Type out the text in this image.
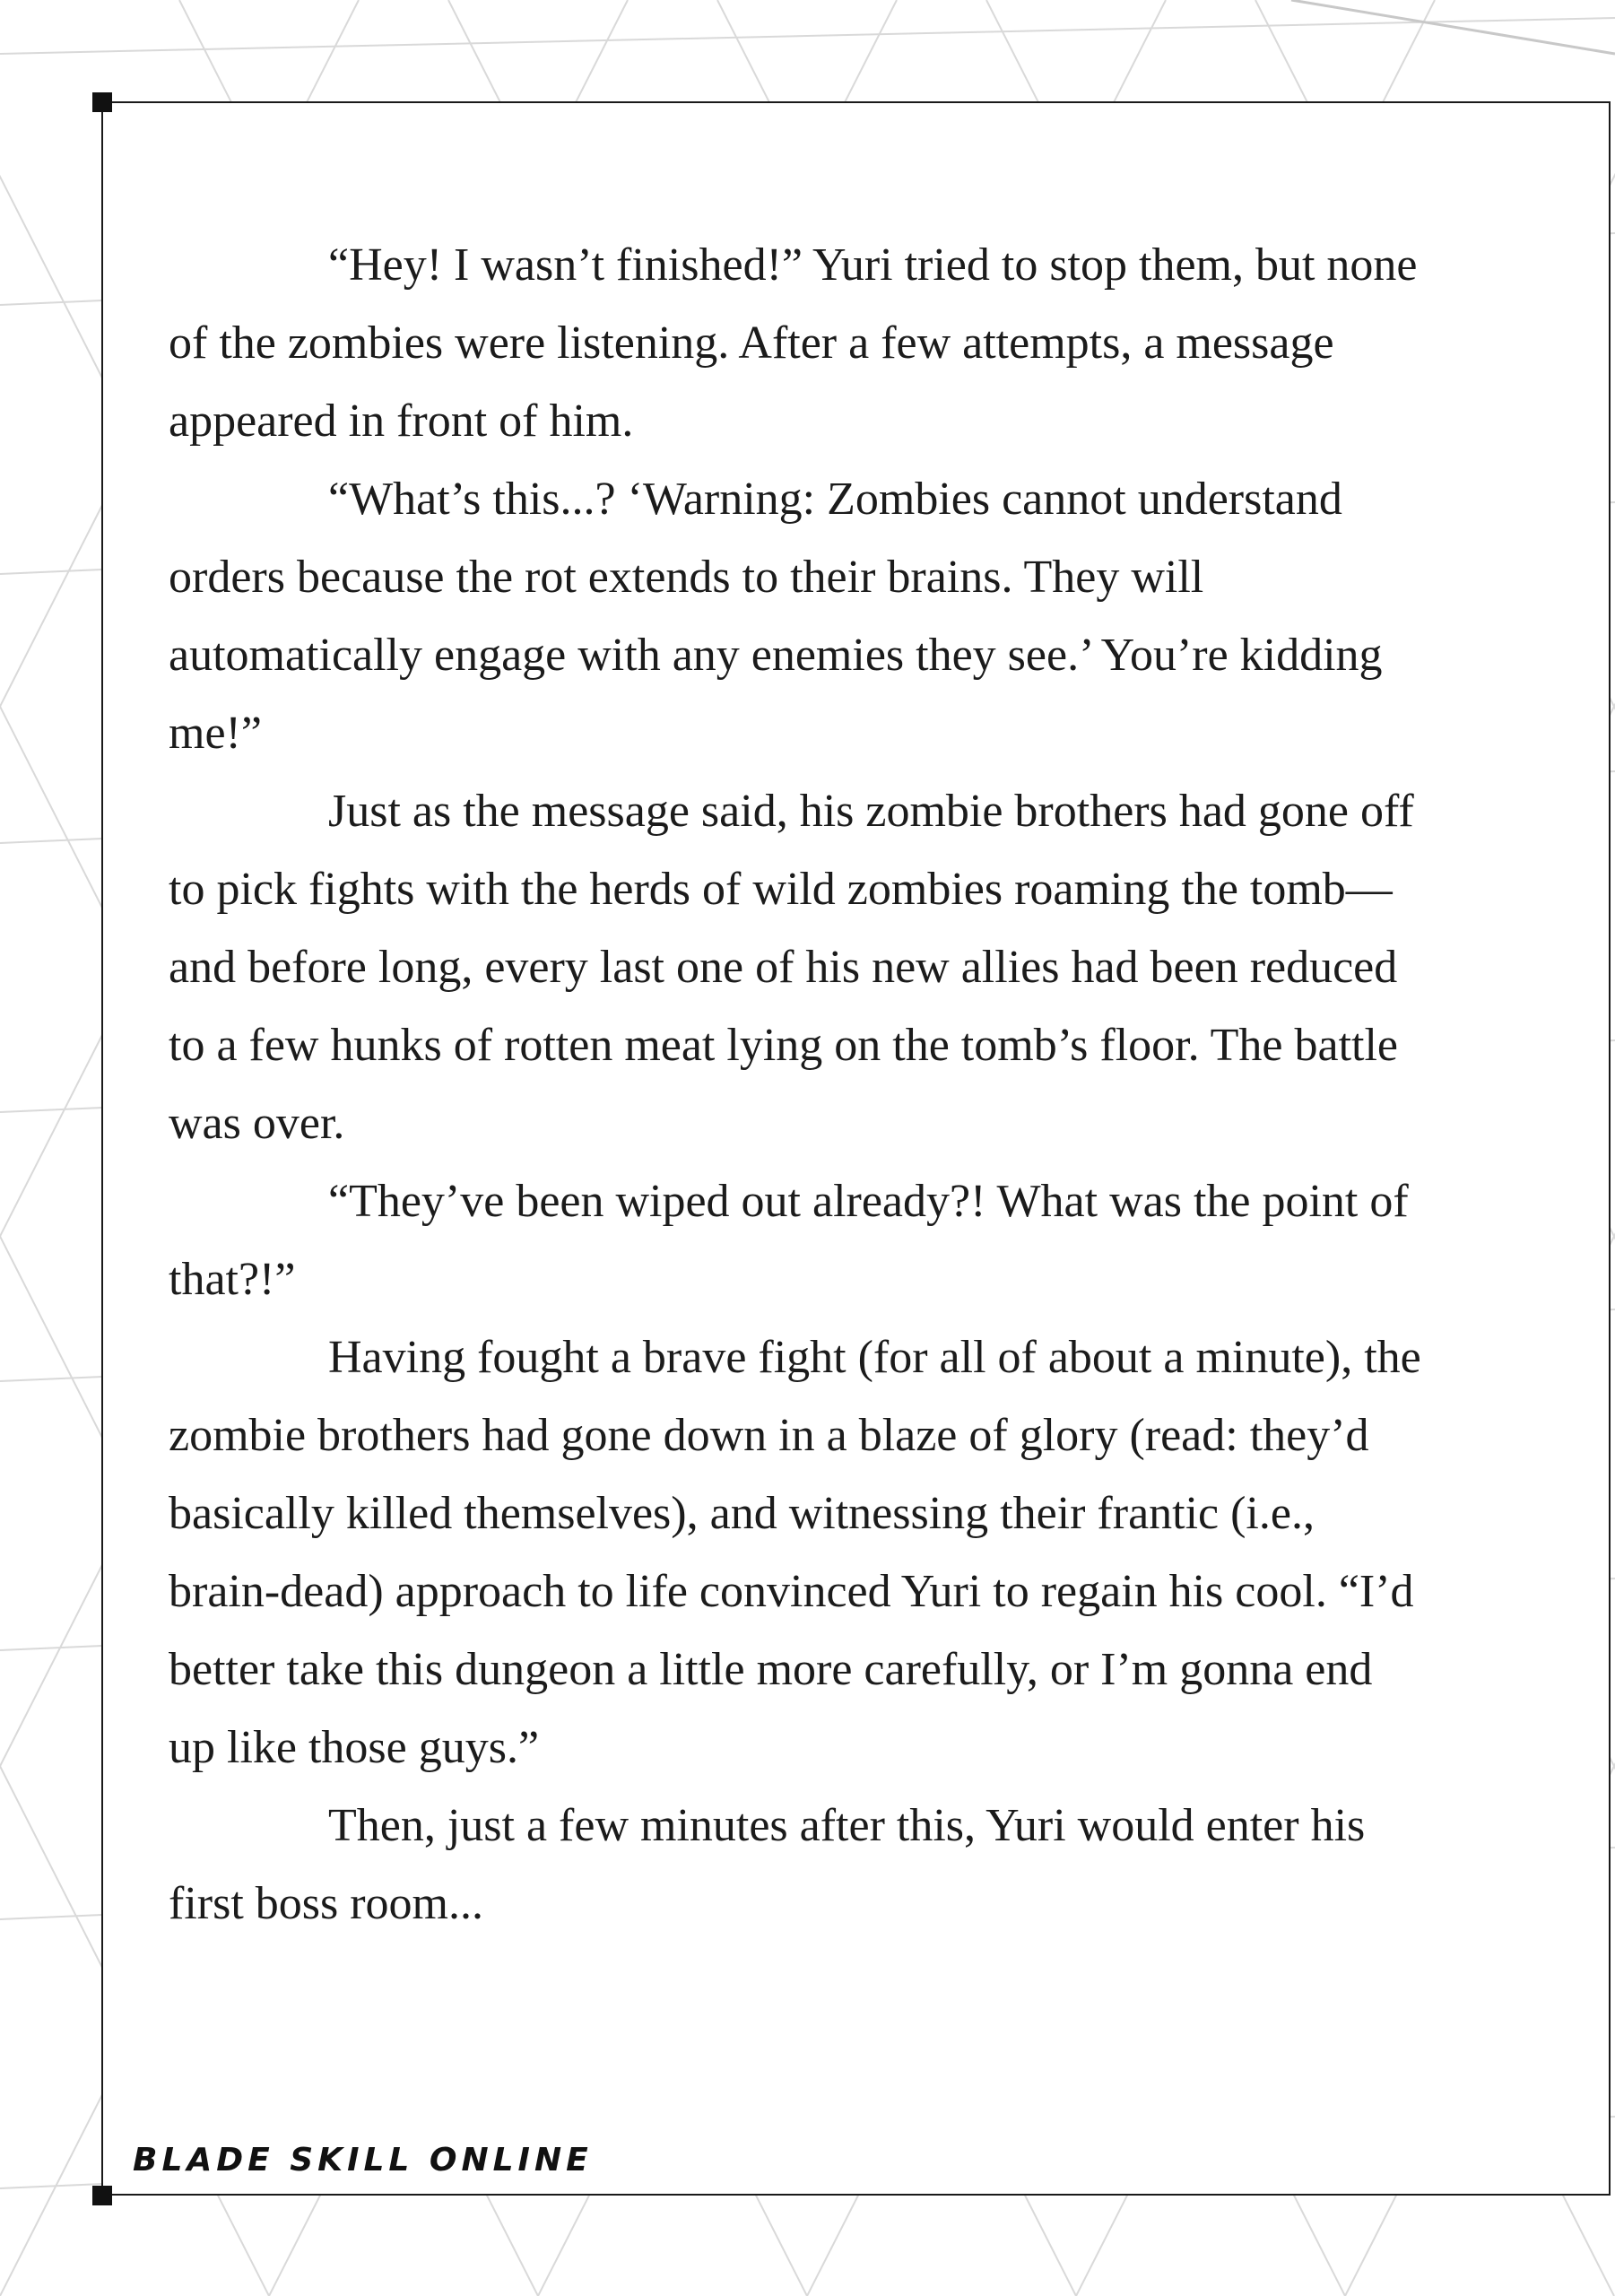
“Hey! I wasn’t finished!” Yuri tried to stop them, but none of the zombies were listening. After a few attempts, a message appeared in front of him.

“What’s this...? ‘Warning: Zombies cannot understand orders because the rot extends to their brains. They will automatically engage with any enemies they see.’ You’re kidding me!”

Just as the message said, his zombie brothers had gone off to pick fights with the herds of wild zombies roaming the tomb—and before long, every last one of his new allies had been reduced to a few hunks of rotten meat lying on the tomb’s floor. The battle was over.

“They’ve been wiped out already?! What was the point of that?!”

Having fought a brave fight (for all of about a minute), the zombie brothers had gone down in a blaze of glory (read: they’d basically killed themselves), and witnessing their frantic (i.e., brain-dead) approach to life convinced Yuri to regain his cool. “I’d better take this dungeon a little more carefully, or I’m gonna end up like those guys.”

Then, just a few minutes after this, Yuri would enter his first boss room...

BLADE SKILL ONLINE
